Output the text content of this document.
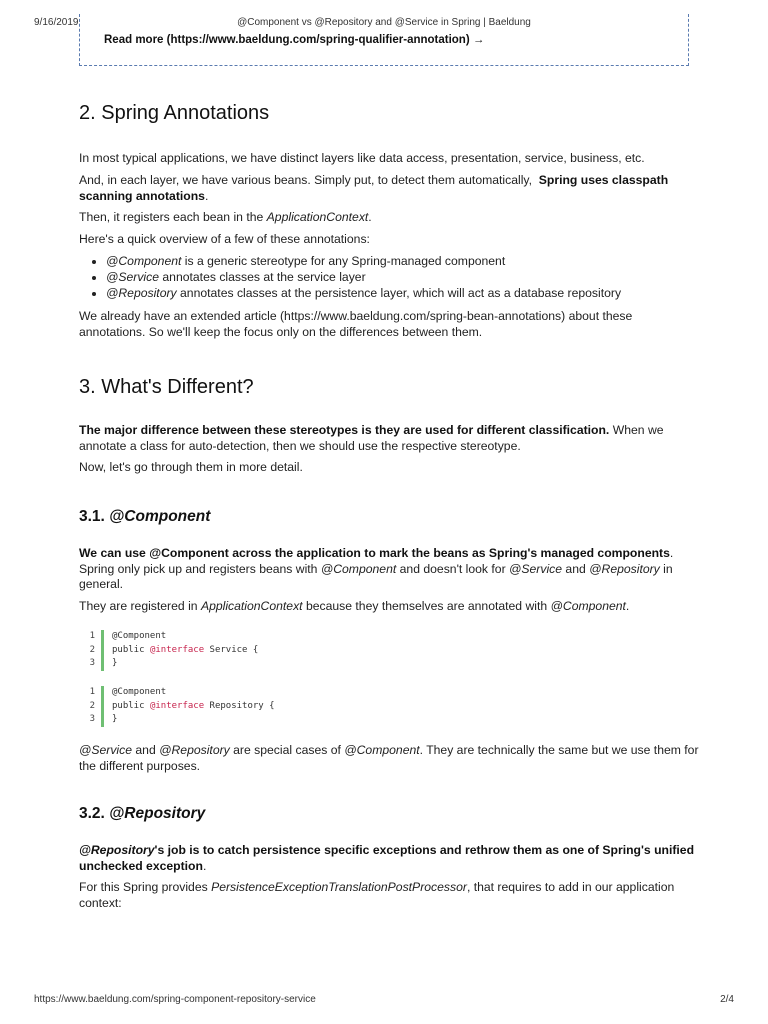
9/16/2019	@Component vs @Repository and @Service in Spring | Baeldung
Read more (https://www.baeldung.com/spring-qualifier-annotation) →
2. Spring Annotations
In most typical applications, we have distinct layers like data access, presentation, service, business, etc.
And, in each layer, we have various beans. Simply put, to detect them automatically, Spring uses classpath scanning annotations.
Then, it registers each bean in the ApplicationContext.
Here's a quick overview of a few of these annotations:
• @Component is a generic stereotype for any Spring-managed component
• @Service annotates classes at the service layer
• @Repository annotates classes at the persistence layer, which will act as a database repository
We already have an extended article (https://www.baeldung.com/spring-bean-annotations) about these annotations. So we'll keep the focus only on the differences between them.
3. What's Different?
The major difference between these stereotypes is they are used for different classification. When we annotate a class for auto-detection, then we should use the respective stereotype.
Now, let's go through them in more detail.
3.1. @Component
We can use @Component across the application to mark the beans as Spring's managed components. Spring only pick up and registers beans with @Component and doesn't look for @Service and @Repository in general.
They are registered in ApplicationContext because they themselves are annotated with @Component.
1 @Component
2 public @interface Service {
3 }
1 @Component
2 public @interface Repository {
3 }
@Service and @Repository are special cases of @Component. They are technically the same but we use them for the different purposes.
3.2. @Repository
@Repository's job is to catch persistence specific exceptions and rethrow them as one of Spring's unified unchecked exception.
For this Spring provides PersistenceExceptionTranslationPostProcessor, that requires to add in our application context:
https://www.baeldung.com/spring-component-repository-service	2/4
